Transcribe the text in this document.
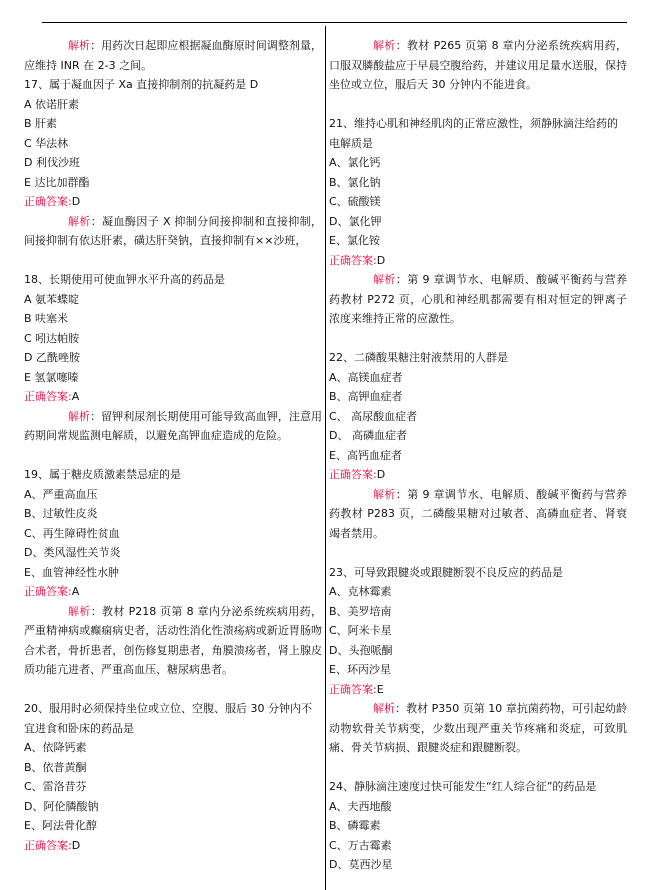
解析：用药次日起即应根据凝血酶原时间调整剂量，应维持 INR 在 2-3 之间。

17、属于凝血因子 Xa 直接抑制剂的抗凝药是 D

A 依诺肝素

B 肝素

C 华法林

D 利伐沙班

E 达比加群酯

正确答案:D

解析：凝血酶因子 X 抑制分间接抑制和直接抑制，间接抑制有依达肝素，磺达肝癸钠，直接抑制有××沙班，

18、长期使用可使血钾水平升高的药品是

A 氨苯蝶啶

B 呋塞米

C 吲达帕胺

D 乙酰唑胺

E 氢氯噻嗪

正确答案:A

解析：留钾利尿剂长期使用可能导致高血钾，注意用药期间常规监测电解质，以避免高钾血症造成的危险。

19、属于糖皮质激素禁忌症的是

A、严重高血压

B、过敏性皮炎

C、再生障碍性贫血

D、类风湿性关节炎

E、血管神经性水肿

正确答案:A

解析：教材 P218 页第 8 章内分泌系统疾病用药，严重精神病或癫痫病史者，活动性消化性溃疡病或新近胃肠吻合术者，骨折患者，创伤修复期患者，角膜溃疡者，肾上腺皮质功能亢进者、严重高血压、糖尿病患者。

20、服用时必须保持坐位或立位、空腹、服后 30 分钟内不宜进食和卧床的药品是

A、依降钙素

B、依普黄酮

C、雷洛昔芬

D、阿伦膦酸钠

E、阿法骨化醇

正确答案:D

解析：教材 P265 页第 8 章内分泌系统疾病用药，口服双膦酸盐应于早晨空腹给药，并建议用足量水送服，保持坐位或立位，服后天 30 分钟内不能进食。

21、维持心肌和神经肌肉的正常应激性，须静脉滴注给药的电解质是

A、氯化钙

B、氯化钠

C、硫酸镁

D、氯化钾

E、氯化铵

正确答案:D

解析：第 9 章调节水、电解质、酸碱平衡药与营养药教材 P272 页，心肌和神经肌都需要有相对恒定的钾离子浓度来维持正常的应激性。

22、二磷酸果糖注射液禁用的人群是

A、高镁血症者

B、高钾血症者

C、 高尿酸血症者

D、 高磷血症者

E、高钙血症者

正确答案:D

解析：第 9 章调节水、电解质、酸碱平衡药与营养药教材 P283 页，二磷酸果糖对过敏者、高磷血症者、肾衰竭者禁用。

23、可导致跟腱炎或跟腱断裂不良反应的药品是

A、克林霉素

B、美罗培南

C、阿米卡星

D、头孢哌酮

E、环丙沙星

正确答案:E

解析：教材 P350 页第 10 章抗菌药物，可引起幼龄动物软骨关节病变，少数出现严重关节疼痛和炎症，可致肌痛、骨关节病损、跟腱炎症和跟腱断裂。

24、静脉滴注速度过快可能发生“红人综合征”的药品是

A、夫西地酸

B、磷霉素

C、万古霉素

D、莫西沙星
